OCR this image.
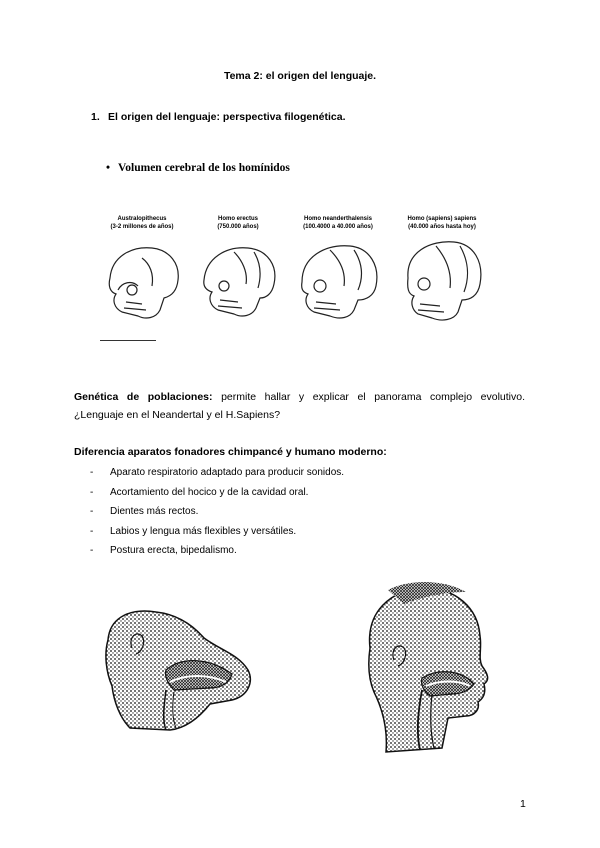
Tema 2: el origen del lenguaje.
1. El origen del lenguaje: perspectiva filogenética.
• Volumen cerebral de los homínidos
Australopithecus
(3-2 millones de años)
Homo erectus
(750.000 años)
Homo neanderthalensis
(100.4000 a 40.000 años)
Homo (sapiens) sapiens
(40.000 años hasta hoy)
Genética de poblaciones: permite hallar y explicar el panorama complejo evolutivo.
¿Lenguaje en el Neandertal y el H.Sapiens?
Diferencia aparatos fonadores chimpancé y humano moderno:
- Aparato respiratorio adaptado para producir sonidos.
- Acortamiento del hocico y de la cavidad oral.
- Dientes más rectos.
- Labios y lengua más flexibles y versátiles.
- Postura erecta, bipedalismo.
1
